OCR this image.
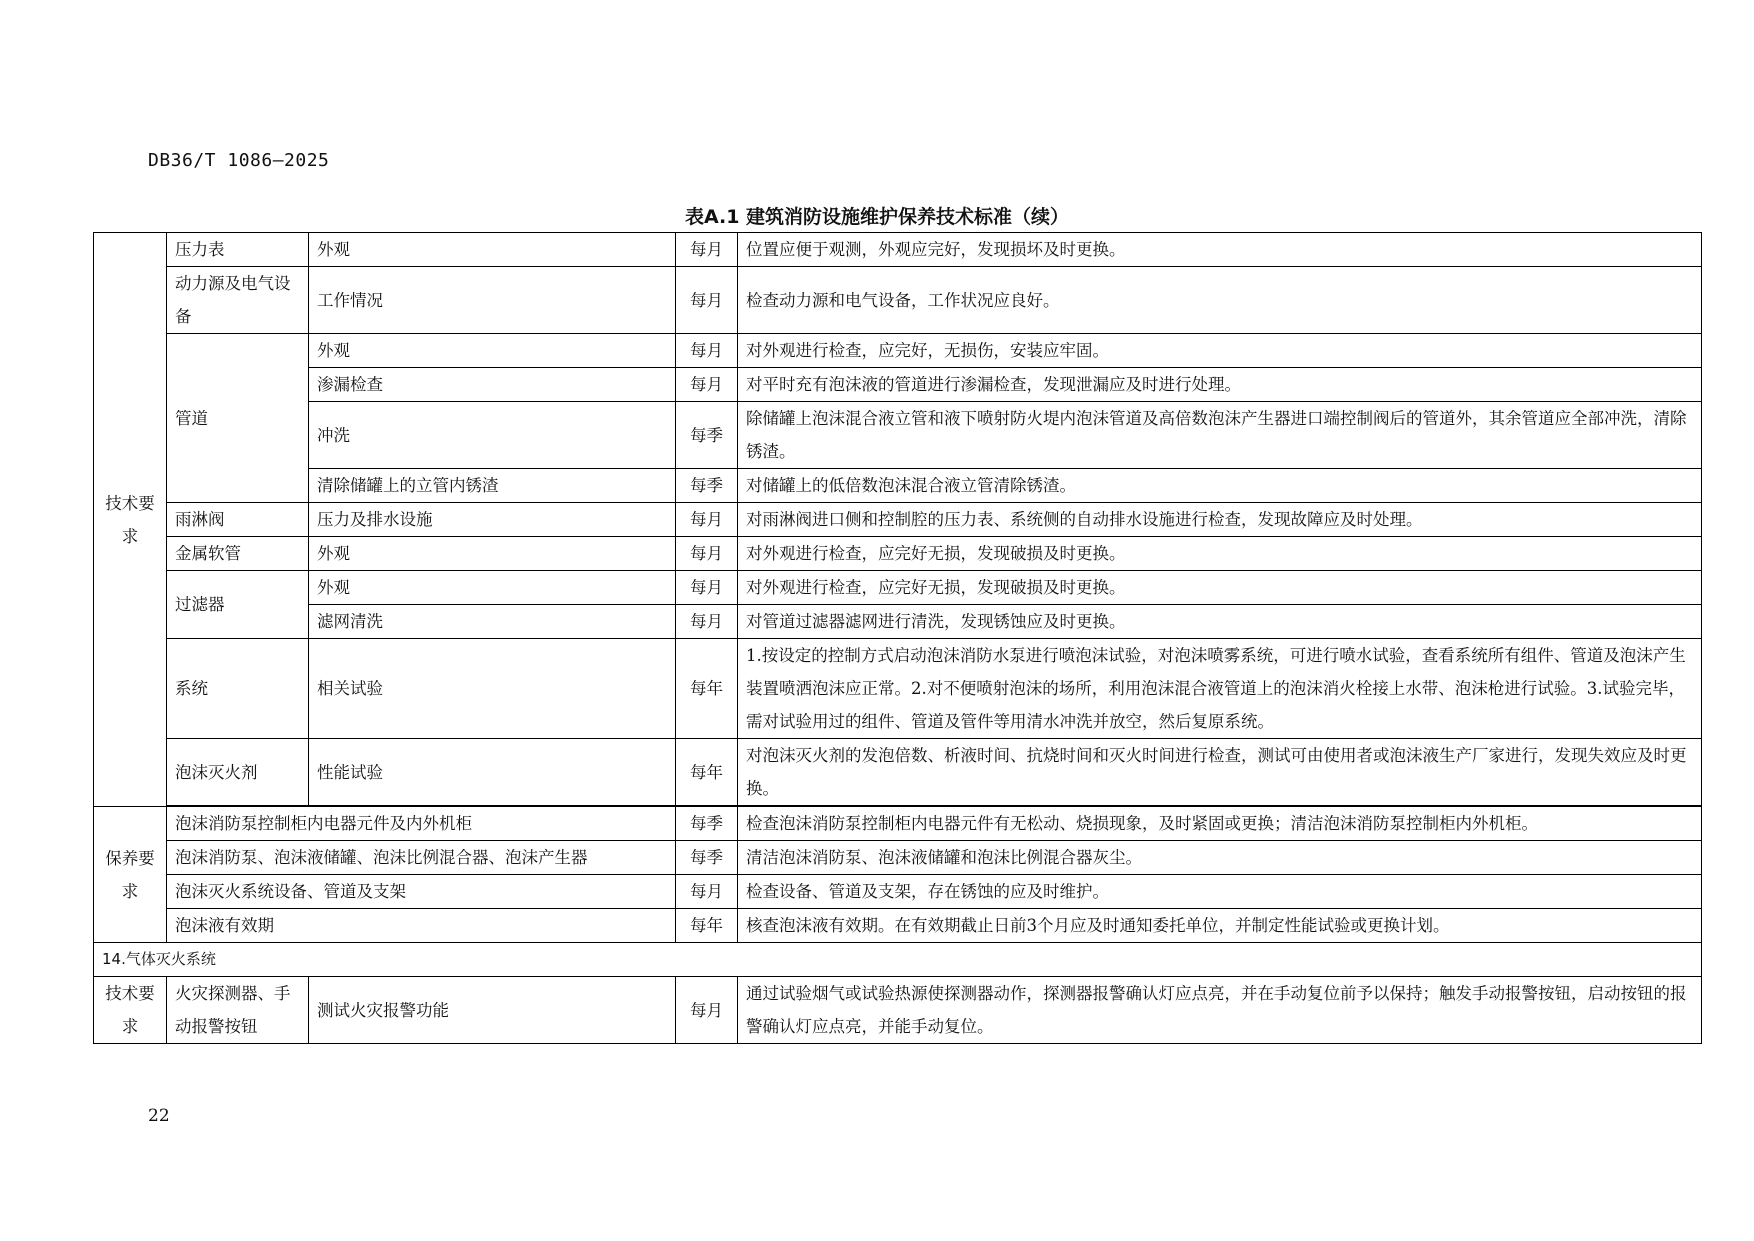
DB36/T 1086—2025
表A.1 建筑消防设施维护保养技术标准（续）
技术要求	压力表	外观	每月	位置应便于观测，外观应完好，发现损坏及时更换。
	动力源及电气设备	工作情况	每月	检查动力源和电气设备，工作状况应良好。
	管道	外观	每月	对外观进行检查，应完好，无损伤，安装应牢固。
		渗漏检查	每月	对平时充有泡沫液的管道进行渗漏检查，发现泄漏应及时进行处理。
		冲洗	每季	除储罐上泡沫混合液立管和液下喷射防火堤内泡沫管道及高倍数泡沫产生器进口端控制阀后的管道外，其余管道应全部冲洗，清除锈渣。
		清除储罐上的立管内锈渣	每季	对储罐上的低倍数泡沫混合液立管清除锈渣。
	雨淋阀	压力及排水设施	每月	对雨淋阀进口侧和控制腔的压力表、系统侧的自动排水设施进行检查，发现故障应及时处理。
	金属软管	外观	每月	对外观进行检查，应完好无损，发现破损及时更换。
	过滤器	外观	每月	对外观进行检查，应完好无损，发现破损及时更换。
		滤网清洗	每月	对管道过滤器滤网进行清洗，发现锈蚀应及时更换。
	系统	相关试验	每年	1.按设定的控制方式启动泡沫消防水泵进行喷泡沫试验，对泡沫喷雾系统，可进行喷水试验，查看系统所有组件、管道及泡沫产生装置喷洒泡沫应正常。2.对不便喷射泡沫的场所，利用泡沫混合液管道上的泡沫消火栓接上水带、泡沫枪进行试验。3.试验完毕，需对试验用过的组件、管道及管件等用清水冲洗并放空，然后复原系统。
	泡沫灭火剂	性能试验	每年	对泡沫灭火剂的发泡倍数、析液时间、抗烧时间和灭火时间进行检查，测试可由使用者或泡沫液生产厂家进行，发现失效应及时更换。

保养要求	泡沫消防泵控制柜内电器元件及内外机柜		每季	检查泡沫消防泵控制柜内电器元件有无松动、烧损现象，及时紧固或更换；清洁泡沫消防泵控制柜内外机柜。
	泡沫消防泵、泡沫液储罐、泡沫比例混合器、泡沫产生器		每季	清洁泡沫消防泵、泡沫液储罐和泡沫比例混合器灰尘。
	泡沫灭火系统设备、管道及支架		每月	检查设备、管道及支架，存在锈蚀的应及时维护。
	泡沫液有效期		每年	核查泡沫液有效期。在有效期截止日前3个月应及时通知委托单位，并制定性能试验或更换计划。
14.气体灭火系统				
技术要求	火灾探测器、手动报警按钮	测试火灾报警功能	每月	通过试验烟气或试验热源使探测器动作，探测器报警确认灯应点亮，并在手动复位前予以保持；触发手动报警按钮，启动按钮的报警确认灯应点亮，并能手动复位。
22
